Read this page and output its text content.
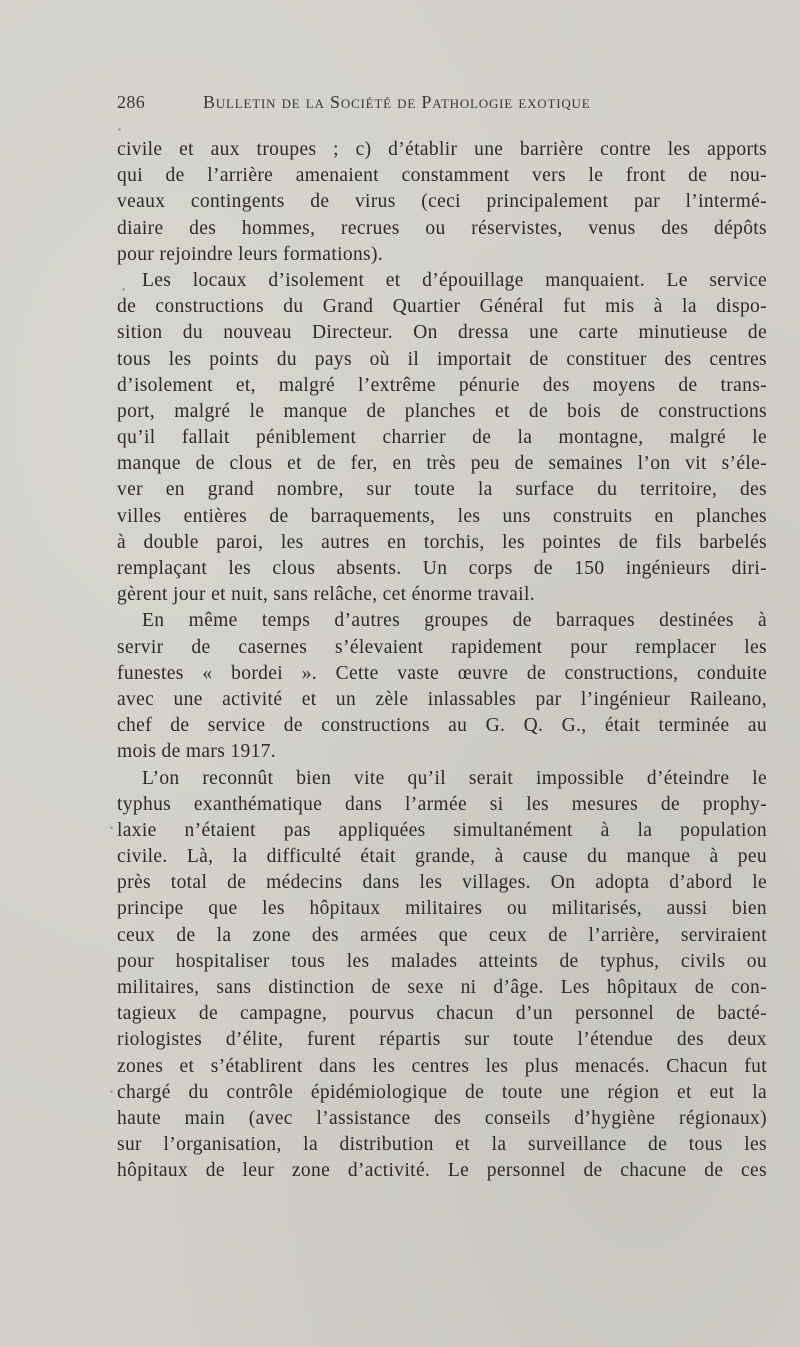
286	Bulletin de la Société de Pathologie exotique
civile et aux troupes ; c) d’établir une barrière contre les apports
qui de l’arrière amenaient constamment vers le front de nou-
veaux contingents de virus (ceci principalement par l’intermé-
diaire des hommes, recrues ou réservistes, venus des dépôts
pour rejoindre leurs formations).
Les locaux d’isolement et d’épouillage manquaient. Le service
de constructions du Grand Quartier Général fut mis à la dispo-
sition du nouveau Directeur. On dressa une carte minutieuse de
tous les points du pays où il importait de constituer des centres
d’isolement et, malgré l’extrême pénurie des moyens de trans-
port, malgré le manque de planches et de bois de constructions
qu’il fallait péniblement charrier de la montagne, malgré le
manque de clous et de fer, en très peu de semaines l’on vit s’éle-
ver en grand nombre, sur toute la surface du territoire, des
villes entières de barraquements, les uns construits en planches
à double paroi, les autres en torchis, les pointes de fils barbelés
remplaçant les clous absents. Un corps de 150 ingénieurs diri-
gèrent jour et nuit, sans relâche, cet énorme travail.
En même temps d’autres groupes de barraques destinées à
servir de casernes s’élevaient rapidement pour remplacer les
funestes « bordei ». Cette vaste œuvre de constructions, conduite
avec une activité et un zèle inlassables par l’ingénieur Raileano,
chef de service de constructions au G. Q. G., était terminée au
mois de mars 1917.
L’on reconnût bien vite qu’il serait impossible d’éteindre le
typhus exanthématique dans l’armée si les mesures de prophy-
laxie n’étaient pas appliquées simultanément à la population
civile. Là, la difficulté était grande, à cause du manque à peu
près total de médecins dans les villages. On adopta d’abord le
principe que les hôpitaux militaires ou militarisés, aussi bien
ceux de la zone des armées que ceux de l’arrière, serviraient
pour hospitaliser tous les malades atteints de typhus, civils ou
militaires, sans distinction de sexe ni d’âge. Les hôpitaux de con-
tagieux de campagne, pourvus chacun d’un personnel de bacté-
riologistes d’élite, furent répartis sur toute l’étendue des deux
zones et s’établirent dans les centres les plus menacés. Chacun fut
chargé du contrôle épidémiologique de toute une région et eut la
haute main (avec l’assistance des conseils d’hygiène régionaux)
sur l’organisation, la distribution et la surveillance de tous les
hôpitaux de leur zone d’activité. Le personnel de chacune de ces
